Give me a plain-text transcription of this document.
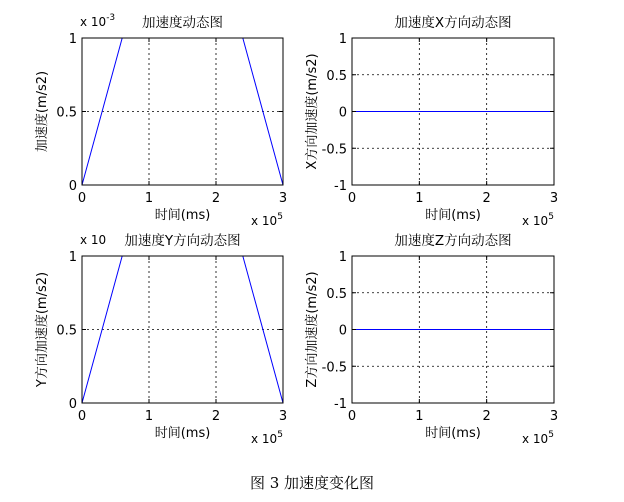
0	1	2	3
0
0.5
1
加速度动态图
时间(ms)
加速度(m/s2)
x $10^5$
x $10^{-3}$
0	1	2	3
-1
-0.5
0
0.5
1
加速度X方向动态图
时间(ms)
X方向加速度(m/s2)
x $10^5$
0	1	2	3
0
0.5
1
加速度Y方向动态图
时间(ms)
Y方向加速度(m/s2)
x $10^5$
x 10
0	1	2	3
-1
-0.5
0
0.5
1
加速度Z方向动态图
时间(ms)
Z方向加速度(m/s2)
x $10^5$
图 3 加速度变化图
